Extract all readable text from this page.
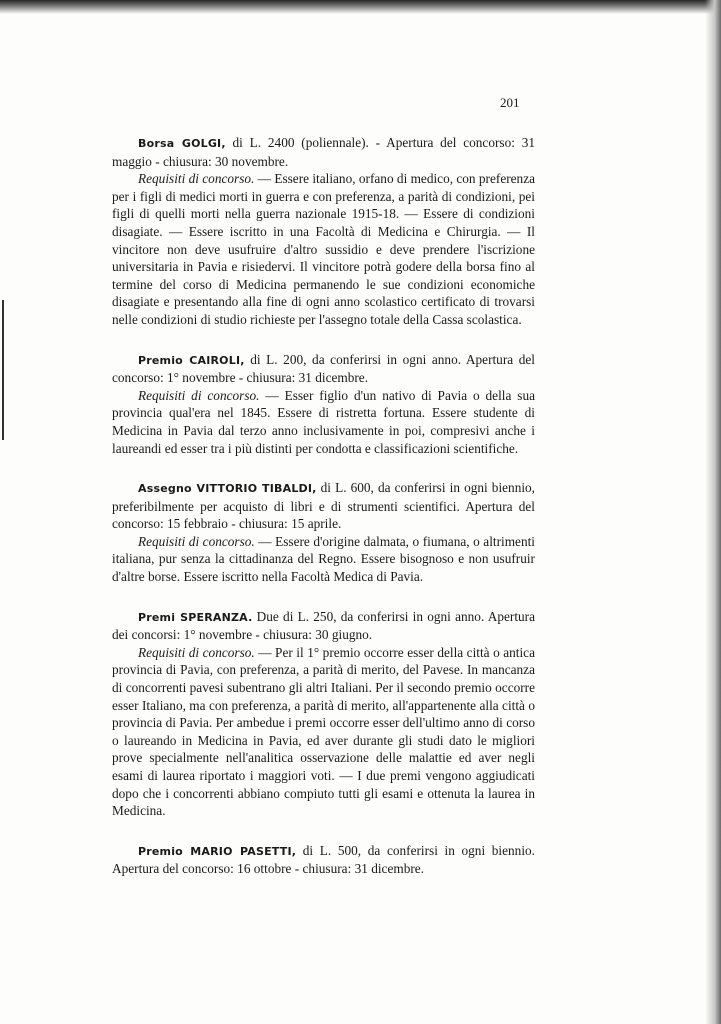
201

Borsa GOLGI, di L. 2400 (poliennale). - Apertura del concorso: 31 maggio - chiusura: 30 novembre.

Requisiti di concorso. — Essere italiano, orfano di medico, con preferenza per i figli di medici morti in guerra e con preferenza, a parità di condizioni, pei figli di quelli morti nella guerra nazionale 1915-18. — Essere di condizioni disagiate. — Essere iscritto in una Facoltà di Medicina e Chirurgia. — Il vincitore non deve usufruire d'altro sussidio e deve prendere l'iscrizione universitaria in Pavia e risiedervi. Il vincitore potrà godere della borsa fino al termine del corso di Medicina permanendo le sue condizioni economiche disagiate e presentando alla fine di ogni anno scolastico certificato di trovarsi nelle condizioni di studio richieste per l'assegno totale della Cassa scolastica.

Premio CAIROLI, di L. 200, da conferirsi in ogni anno. Apertura del concorso: 1° novembre - chiusura: 31 dicembre.

Requisiti di concorso. — Esser figlio d'un nativo di Pavia o della sua provincia qual'era nel 1845. Essere di ristretta fortuna. Essere studente di Medicina in Pavia dal terzo anno inclusivamente in poi, compresivi anche i laureandi ed esser tra i più distinti per condotta e classificazioni scientifiche.

Assegno VITTORIO TIBALDI, di L. 600, da conferirsi in ogni biennio, preferibilmente per acquisto di libri e di strumenti scientifici. Apertura del concorso: 15 febbraio - chiusura: 15 aprile.

Requisiti di concorso. — Essere d'origine dalmata, o fiumana, o altrimenti italiana, pur senza la cittadinanza del Regno. Essere bisognoso e non usufruir d'altre borse. Essere iscritto nella Facoltà Medica di Pavia.

Premi SPERANZA. Due di L. 250, da conferirsi in ogni anno. Apertura dei concorsi: 1° novembre - chiusura: 30 giugno.

Requisiti di concorso. — Per il 1° premio occorre esser della città o antica provincia di Pavia, con preferenza, a parità di merito, del Pavese. In mancanza di concorrenti pavesi subentrano gli altri Italiani. Per il secondo premio occorre esser Italiano, ma con preferenza, a parità di merito, all'appartenente alla città o provincia di Pavia. Per ambedue i premi occorre esser dell'ultimo anno di corso o laureando in Medicina in Pavia, ed aver durante gli studi dato le migliori prove specialmente nell'analitica osservazione delle malattie ed aver negli esami di laurea riportato i maggiori voti. — I due premi vengono aggiudicati dopo che i concorrenti abbiano compiuto tutti gli esami e ottenuta la laurea in Medicina.

Premio MARIO PASETTI, di L. 500, da conferirsi in ogni biennio. Apertura del concorso: 16 ottobre - chiusura: 31 dicembre.
